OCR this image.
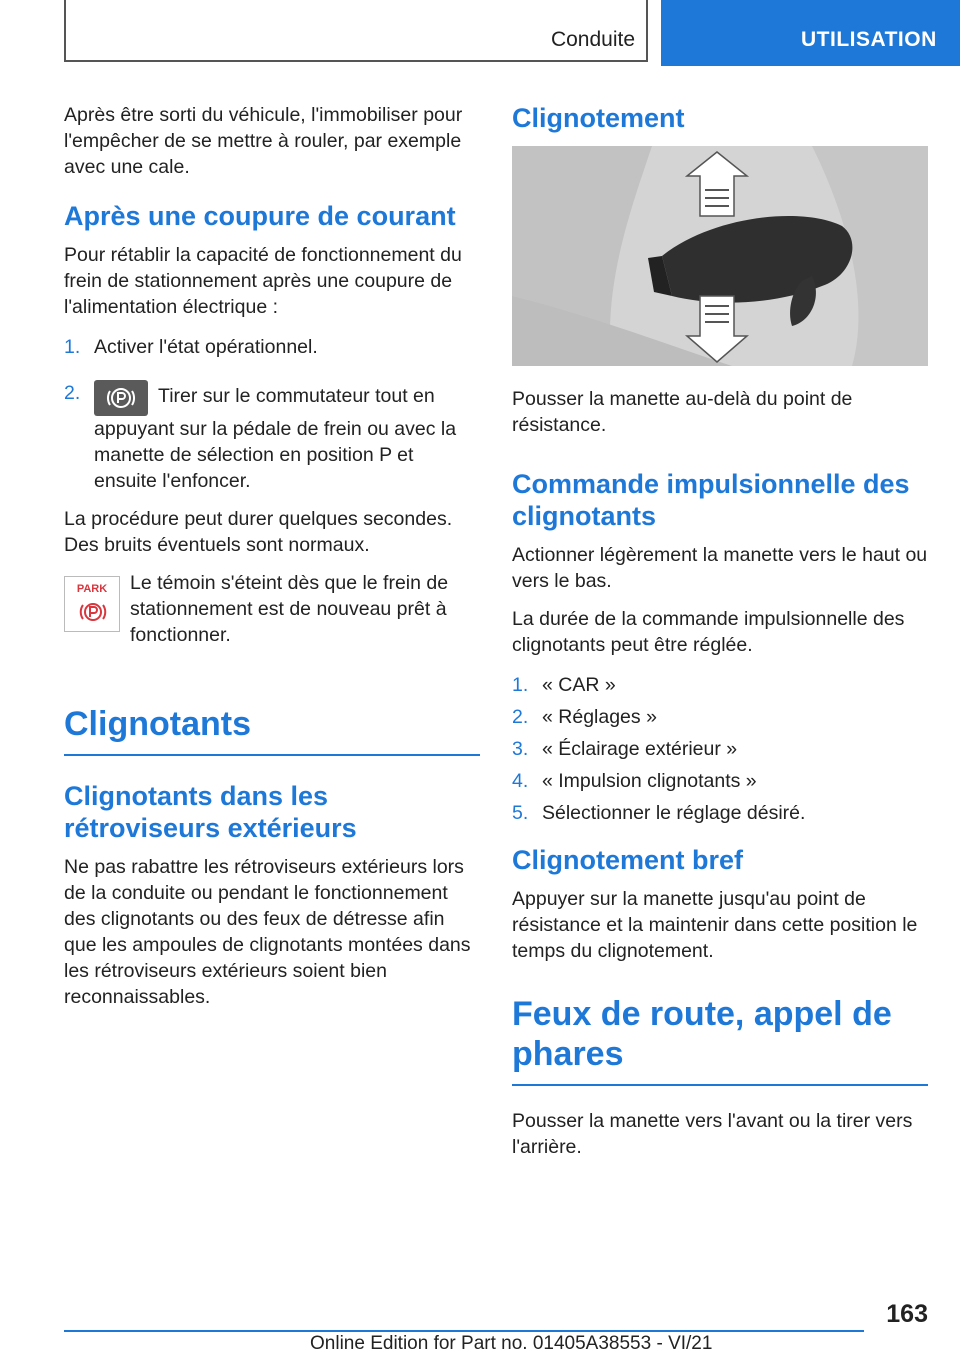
Conduite	UTILISATION

Après être sorti du véhicule, l'immobiliser pour l'empêcher de se mettre à rouler, par exemple avec une cale.

Après une coupure de courant

Pour rétablir la capacité de fonctionnement du frein de stationnement après une coupure de l'alimentation électrique :

1. Activer l'état opérationnel.
2.	Tirer sur le commutateur tout en appuyant sur la pédale de frein ou avec la manette de sélection en position P et ensuite l'enfoncer.

La procédure peut durer quelques secondes. Des bruits éventuels sont normaux.

PARK	Le témoin s'éteint dès que le frein de stationnement est de nouveau prêt à fonctionner.

Clignotants
Clignotants dans les rétroviseurs extérieurs

Ne pas rabattre les rétroviseurs extérieurs lors de la conduite ou pendant le fonctionnement des clignotants ou des feux de détresse afin que les ampoules de clignotants montées dans les rétroviseurs extérieurs soient bien reconnaissables.

Clignotement

Pousser la manette au-delà du point de résistance.

Commande impulsionnelle des clignotants

Actionner légèrement la manette vers le haut ou vers le bas.

La durée de la commande impulsionnelle des clignotants peut être réglée.

1. « CAR »
2. « Réglages »
3. « Éclairage extérieur »
4. « Impulsion clignotants »
5. Sélectionner le réglage désiré.
Clignotement bref

Appuyer sur la manette jusqu'au point de résistance et la maintenir dans cette position le temps du clignotement.

Feux de route, appel de phares

Pousser la manette vers l'avant ou la tirer vers l'arrière.

163
Online Edition for Part no. 01405A38553 - VI/21
